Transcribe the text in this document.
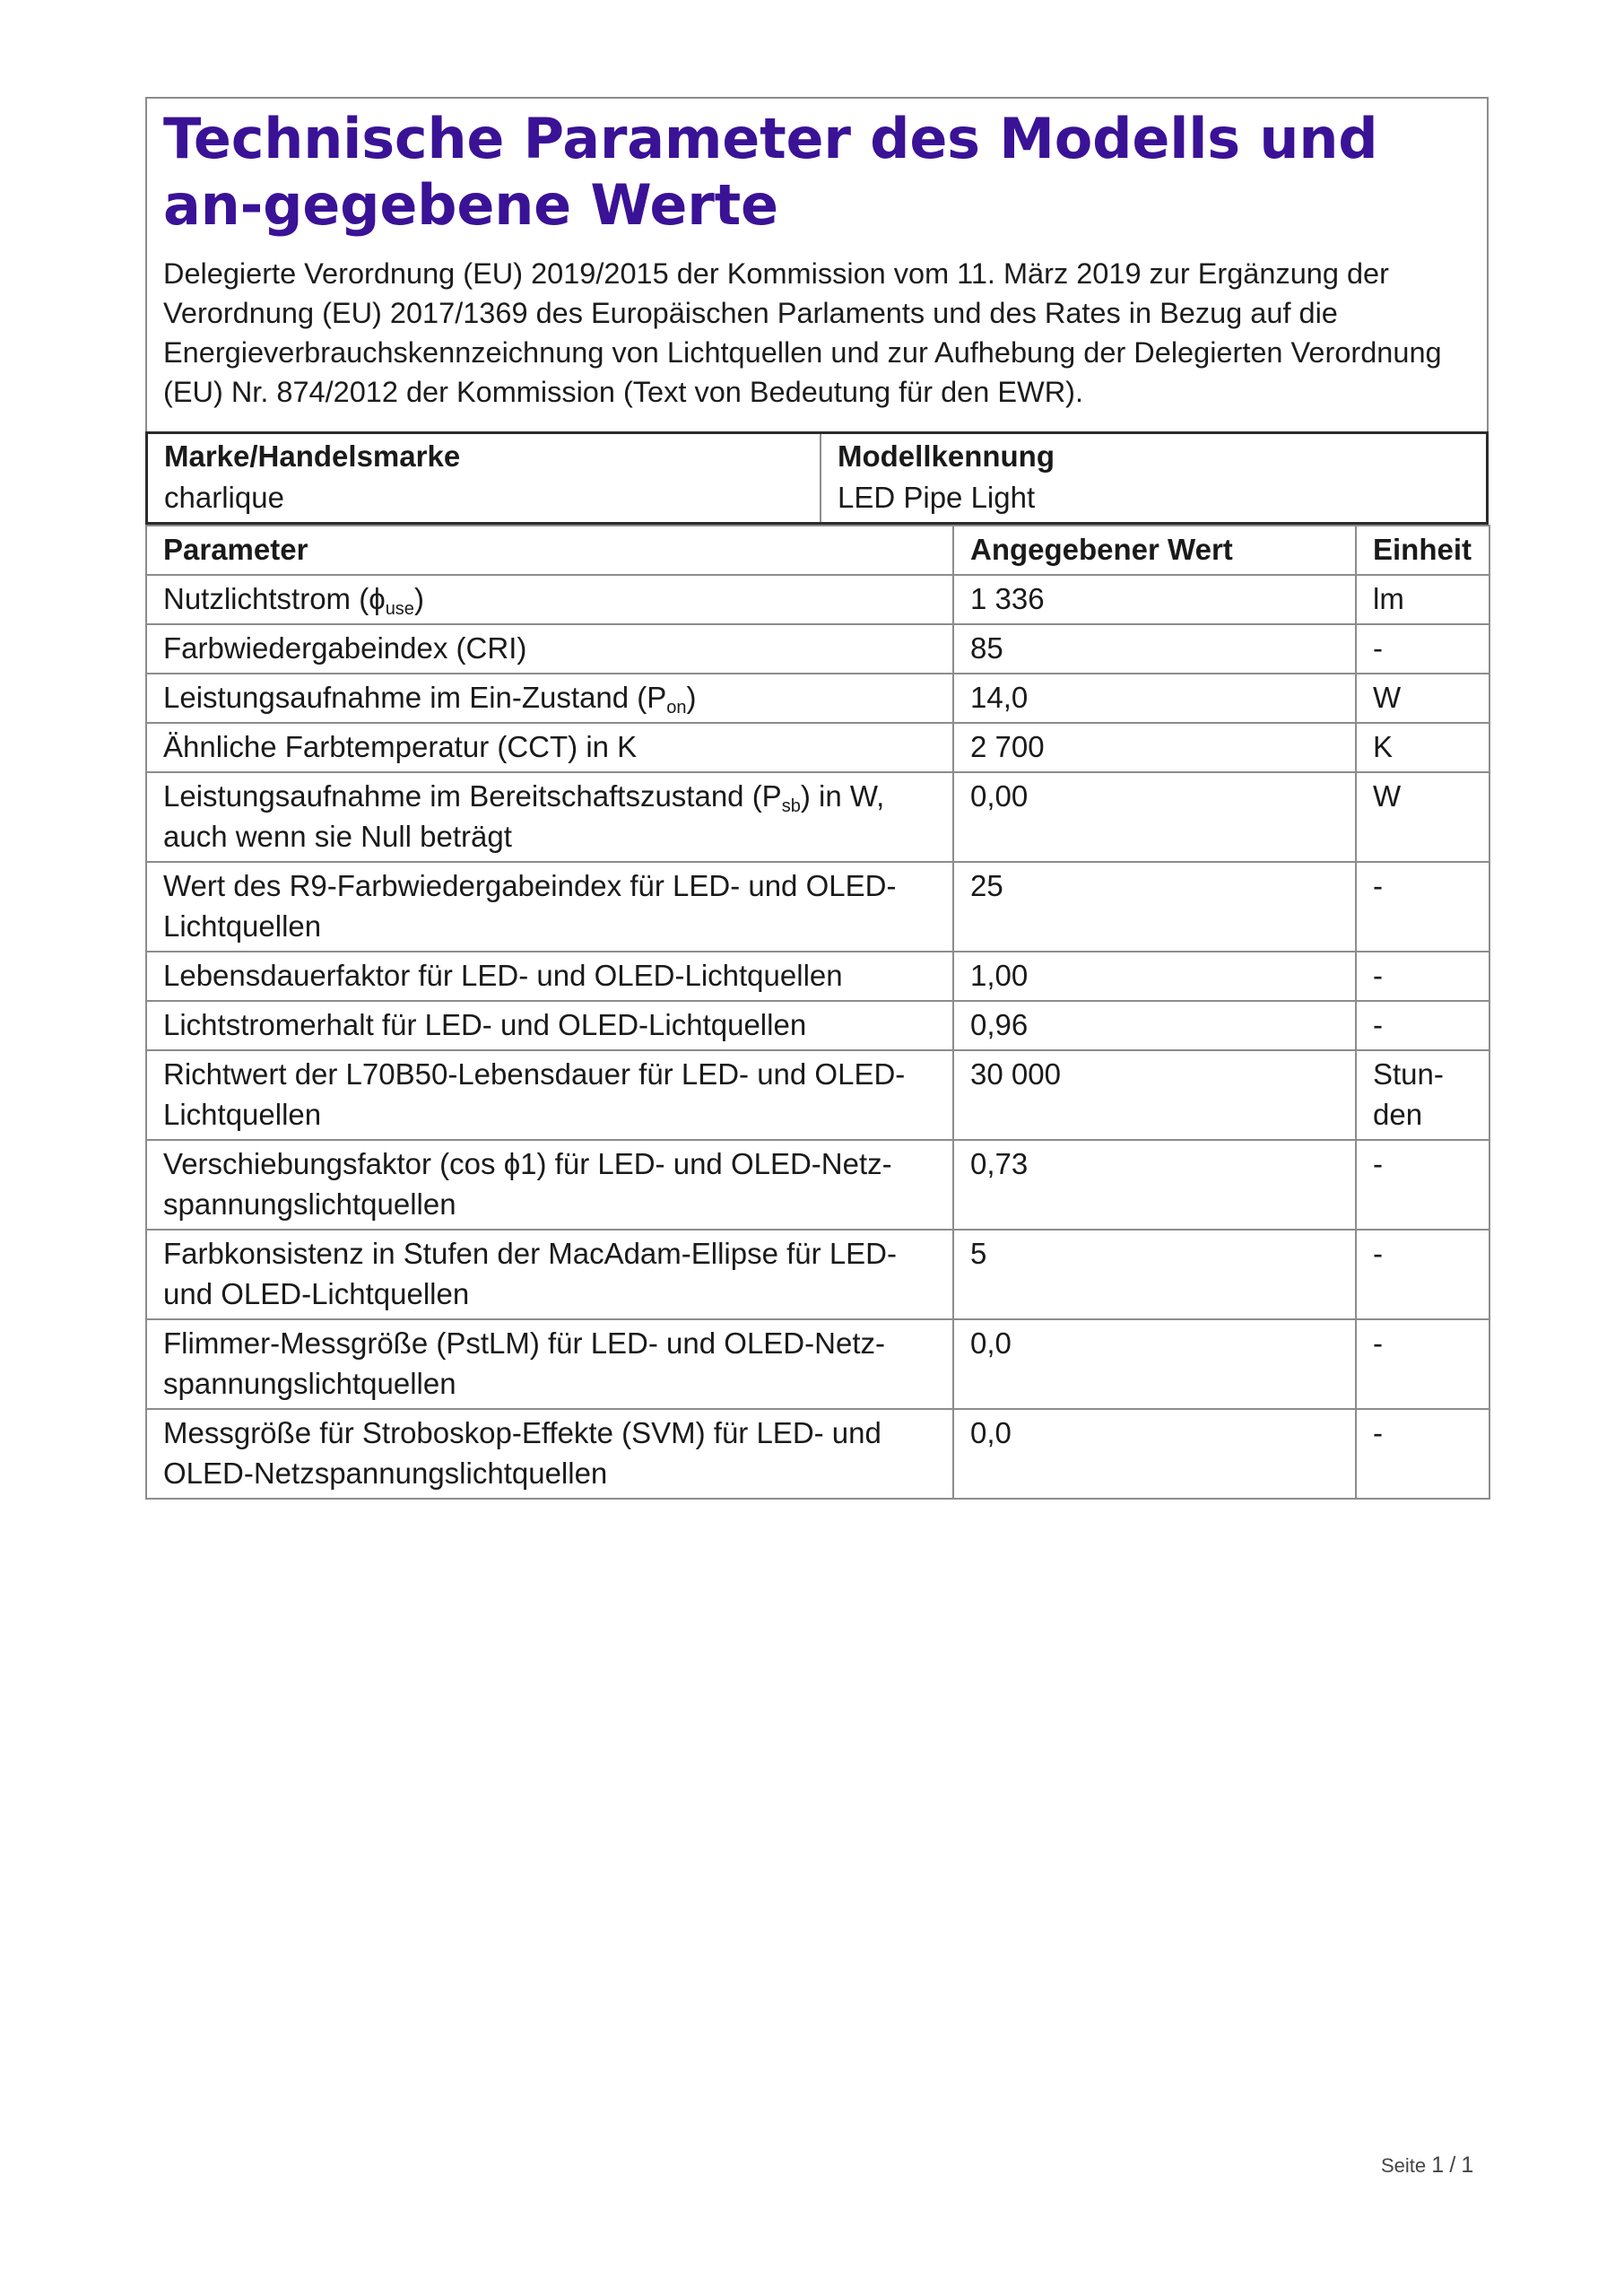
Technische Parameter des Modells und an-gegebene Werte

Delegierte Verordnung (EU) 2019/2015 der Kommission vom 11. März 2019 zur Ergänzung der Verordnung (EU) 2017/1369 des Europäischen Parlaments und des Rates in Bezug auf die Energieverbrauchskennzeichnung von Lichtquellen und zur Aufhebung der Delegierten Verordnung (EU) Nr. 874/2012 der Kommission (Text von Bedeutung für den EWR).

Marke/Handelsmarke
charlique
Modellkennung
LED Pipe Light
Parameter	Angegebener Wert	Einheit
Nutzlichtstrom $(\phi_{use})$	1 336	lm
Farbwiedergabeindex (CRI)	85	-
Leistungsaufnahme im Ein-Zustand $(P_{on})$	14,0	W
Ähnliche Farbtemperatur (CCT) in K	2 700	K
Leistungsaufnahme im Bereitschaftszustand $(P_{sb})$ in W, auch wenn sie Null beträgt	0,00	W
Wert des R9-Farbwiedergabeindex für LED- und OLED-Lichtquellen	25	-
Lebensdauerfaktor für LED- und OLED-Lichtquellen	1,00	-
Lichtstromerhalt für LED- und OLED-Lichtquellen	0,96	-
Richtwert der L70B50-Lebensdauer für LED- und OLED-Lichtquellen	30 000	Stun-den
Verschiebungsfaktor (cos ϕ1) für LED- und OLED-Netz-spannungslichtquellen	0,73	-
Farbkonsistenz in Stufen der MacAdam-Ellipse für LED- und OLED-Lichtquellen	5	-
Flimmer-Messgröße (PstLM) für LED- und OLED-Netz-spannungslichtquellen	0,0	-
Messgröße für Stroboskop-Effekte (SVM) für LED- und OLED-Netzspannungslichtquellen	0,0	-
Seite 1 / 1
